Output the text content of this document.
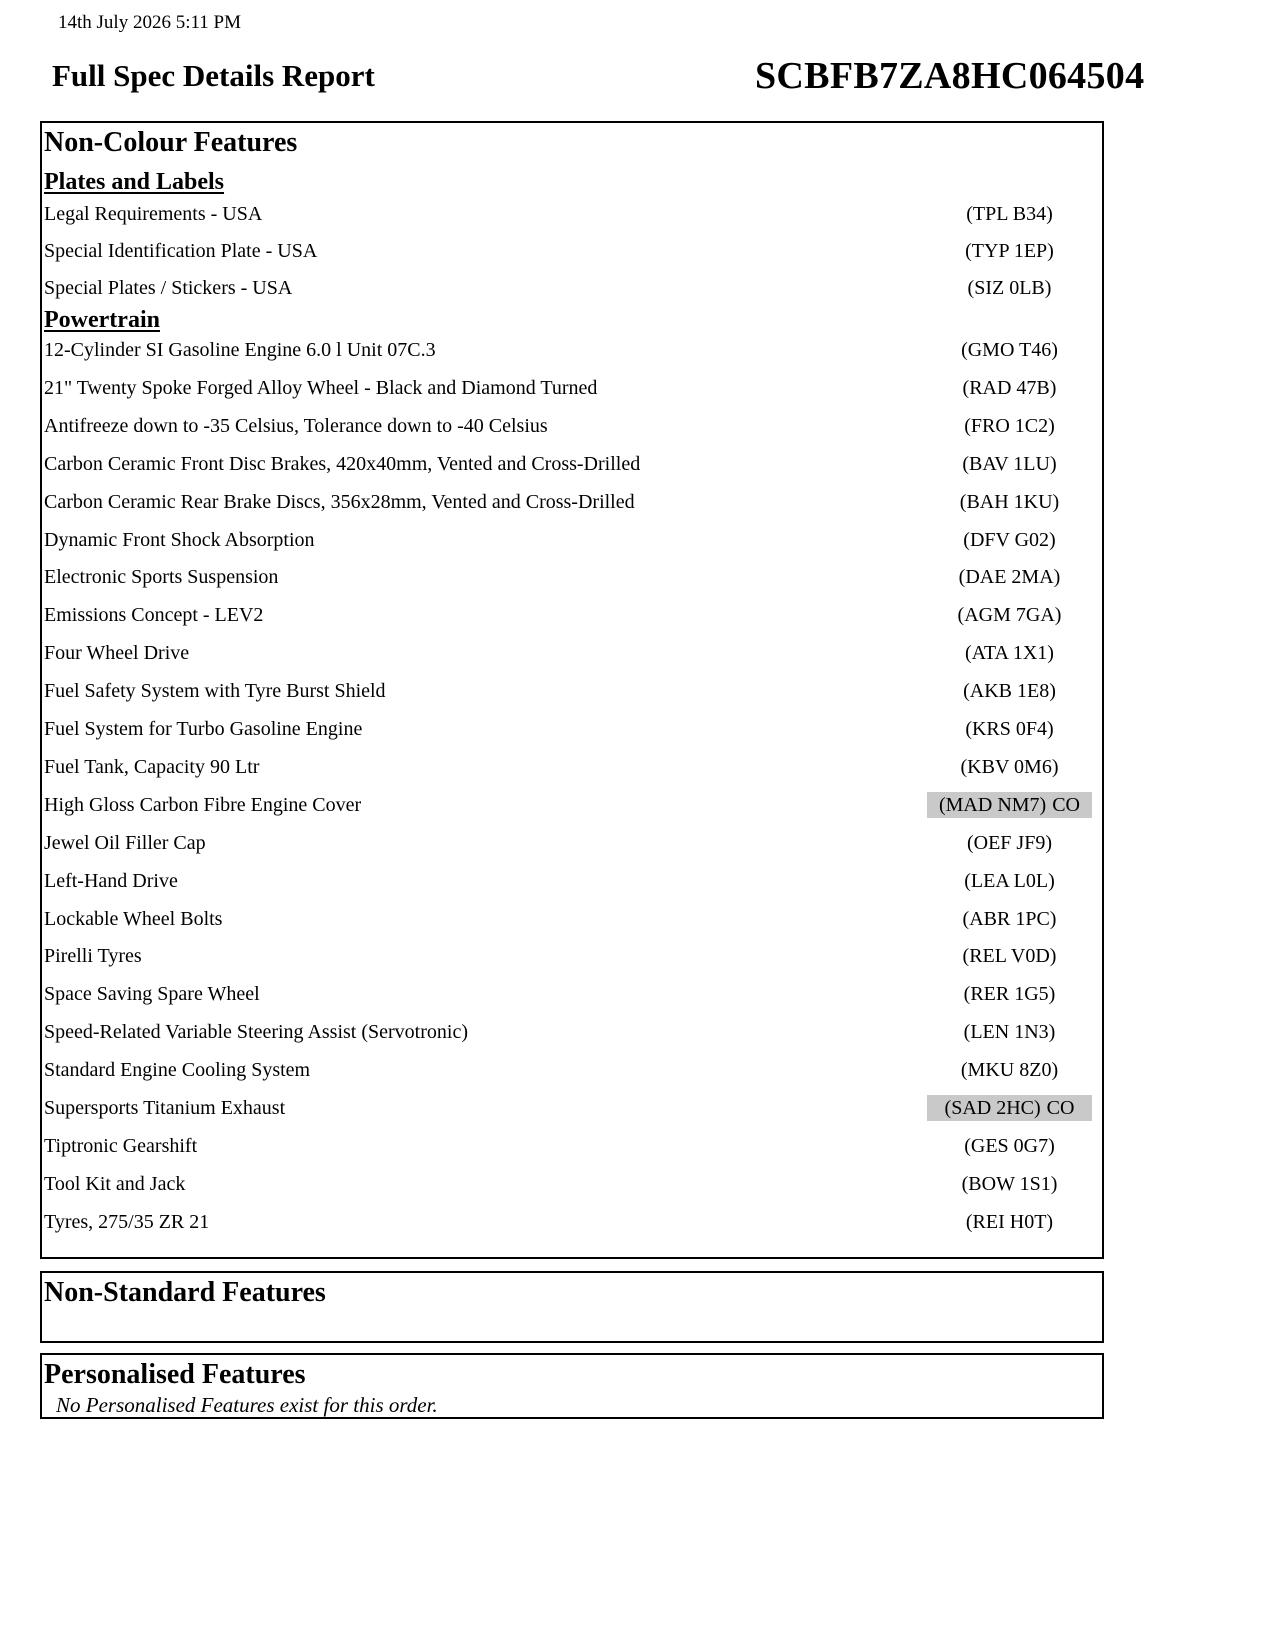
14th July 2026 5:11 PM
Full Spec Details Report	SCBFB7ZA8HC064504
Non-Colour Features
Plates and Labels
Legal Requirements - USA	(TPL B34)
Special Identification Plate - USA	(TYP 1EP)
Special Plates / Stickers - USA	(SIZ 0LB)
Powertrain
12-Cylinder SI Gasoline Engine 6.0 l Unit 07C.3	(GMO T46)
21" Twenty Spoke Forged Alloy Wheel - Black and Diamond Turned	(RAD 47B)
Antifreeze down to -35 Celsius, Tolerance down to -40 Celsius	(FRO 1C2)
Carbon Ceramic Front Disc Brakes, 420x40mm, Vented and Cross-Drilled	(BAV 1LU)
Carbon Ceramic Rear Brake Discs, 356x28mm, Vented and Cross-Drilled	(BAH 1KU)
Dynamic Front Shock Absorption	(DFV G02)
Electronic Sports Suspension	(DAE 2MA)
Emissions Concept - LEV2	(AGM 7GA)
Four Wheel Drive	(ATA 1X1)
Fuel Safety System with Tyre Burst Shield	(AKB 1E8)
Fuel System for Turbo Gasoline Engine	(KRS 0F4)
Fuel Tank, Capacity 90 Ltr	(KBV 0M6)
High Gloss Carbon Fibre Engine Cover	(MAD NM7) CO
Jewel Oil Filler Cap	(OEF JF9)
Left-Hand Drive	(LEA L0L)
Lockable Wheel Bolts	(ABR 1PC)
Pirelli Tyres	(REL V0D)
Space Saving Spare Wheel	(RER 1G5)
Speed-Related Variable Steering Assist (Servotronic)	(LEN 1N3)
Standard Engine Cooling System	(MKU 8Z0)
Supersports Titanium Exhaust	(SAD 2HC) CO
Tiptronic Gearshift	(GES 0G7)
Tool Kit and Jack	(BOW 1S1)
Tyres, 275/35 ZR 21	(REI H0T)
Non-Standard Features
Personalised Features
No Personalised Features exist for this order.
